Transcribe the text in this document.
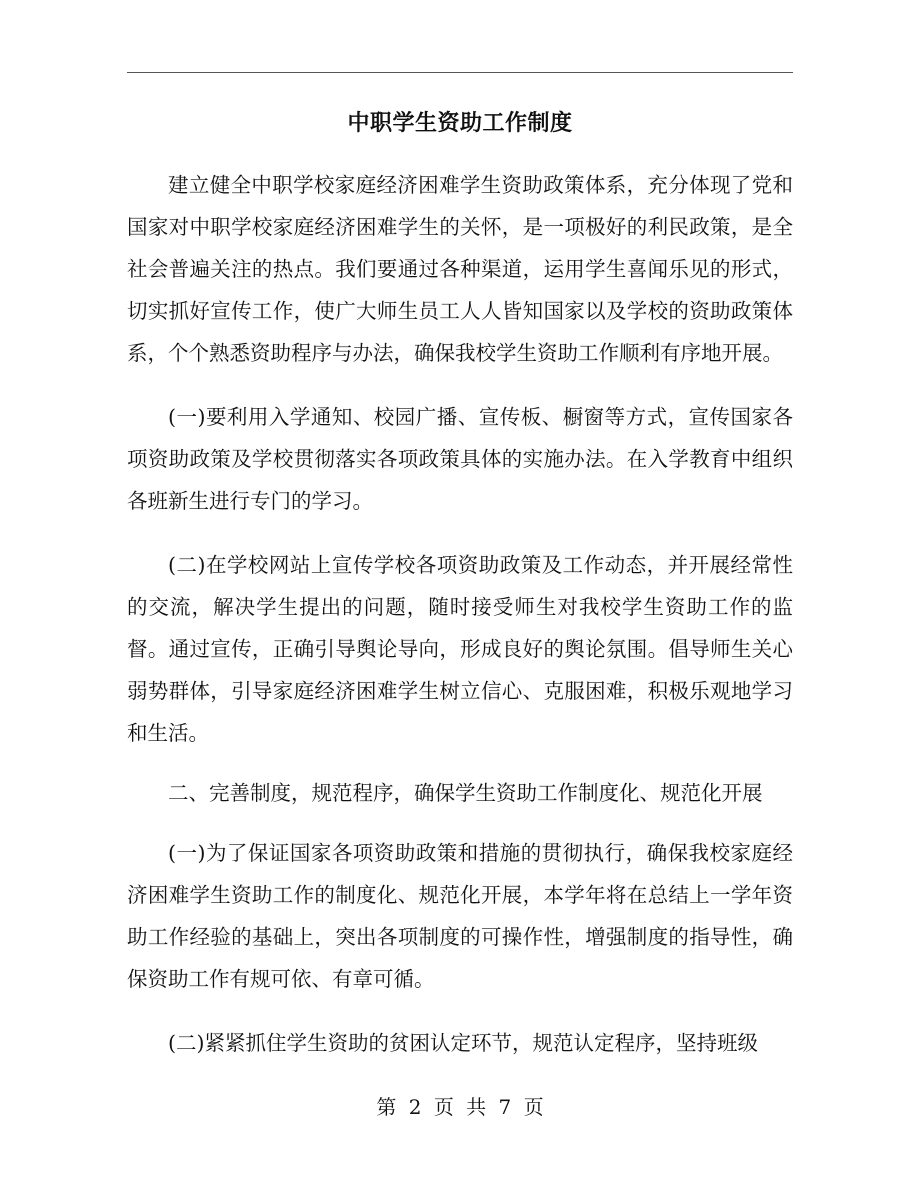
中职学生资助工作制度

建立健全中职学校家庭经济困难学生资助政策体系，充分体现了党和国家对中职学校家庭经济困难学生的关怀，是一项极好的利民政策，是全社会普遍关注的热点。我们要通过各种渠道，运用学生喜闻乐见的形式，切实抓好宣传工作，使广大师生员工人人皆知国家以及学校的资助政策体系，个个熟悉资助程序与办法，确保我校学生资助工作顺利有序地开展。

(一)要利用入学通知、校园广播、宣传板、橱窗等方式，宣传国家各项资助政策及学校贯彻落实各项政策具体的实施办法。在入学教育中组织各班新生进行专门的学习。

(二)在学校网站上宣传学校各项资助政策及工作动态，并开展经常性的交流，解决学生提出的问题，随时接受师生对我校学生资助工作的监督。通过宣传，正确引导舆论导向，形成良好的舆论氛围。倡导师生关心弱势群体，引导家庭经济困难学生树立信心、克服困难，积极乐观地学习和生活。

二、完善制度，规范程序，确保学生资助工作制度化、规范化开展

(一)为了保证国家各项资助政策和措施的贯彻执行，确保我校家庭经济困难学生资助工作的制度化、规范化开展，本学年将在总结上一学年资助工作经验的基础上，突出各项制度的可操作性，增强制度的指导性，确保资助工作有规可依、有章可循。

(二)紧紧抓住学生资助的贫困认定环节，规范认定程序，坚持班级

第 2 页 共 7 页
